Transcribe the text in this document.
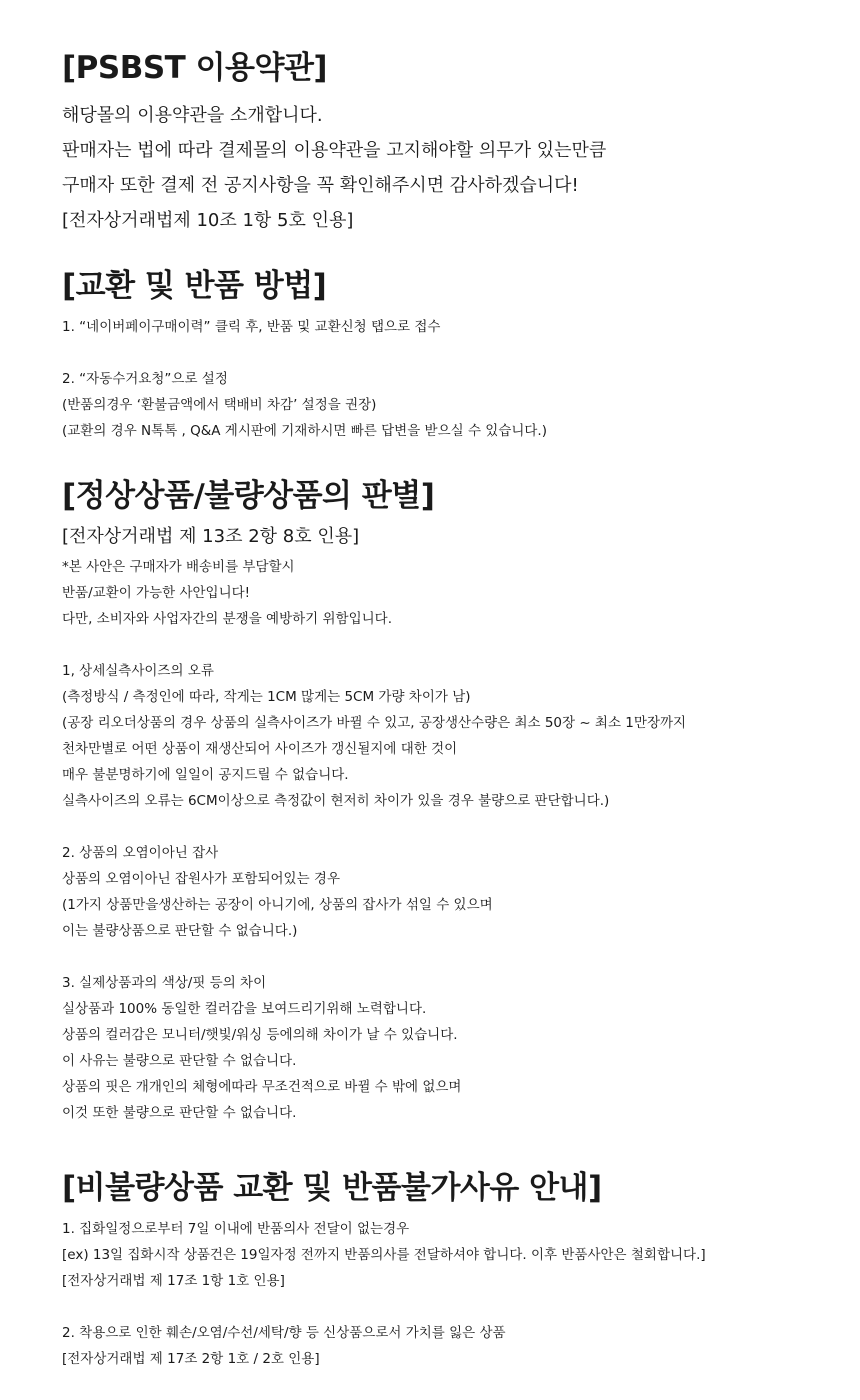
[PSBST 이용약관]

해당몰의 이용약관을 소개합니다.

판매자는 법에 따라 결제몰의 이용약관을 고지해야할 의무가 있는만큼

구매자 또한 결제 전 공지사항을 꼭 확인해주시면 감사하겠습니다!

[전자상거래법제 10조 1항 5호 인용]

[교환 및 반품 방법]

1. “네이버페이구매이력” 클릭 후, 반품 및 교환신청 탭으로 접수

2. “자동수거요청”으로 설정

(반품의경우 ‘환불금액에서 택배비 차감’ 설정을 권장)

(교환의 경우 N톡톡 , Q&A 게시판에 기재하시면 빠른 답변을 받으실 수 있습니다.)

[정상상품/불량상품의 판별]

[전자상거래법 제 13조 2항 8호 인용]

*본 사안은 구매자가 배송비를 부담할시

반품/교환이 가능한 사안입니다!

다만, 소비자와 사업자간의 분쟁을 예방하기 위함입니다.

1, 상세실측사이즈의 오류

(측정방식 / 측정인에 따라, 작게는 1CM 많게는 5CM 가량 차이가 남)

(공장 리오더상품의 경우 상품의 실측사이즈가 바뀔 수 있고, 공장생산수량은 최소 50장 ~ 최소 1만장까지

천차만별로 어떤 상품이 재생산되어 사이즈가 갱신될지에 대한 것이

매우 불분명하기에 일일이 공지드릴 수 없습니다.

실측사이즈의 오류는 6CM이상으로 측정값이 현저히 차이가 있을 경우 불량으로 판단합니다.)

2. 상품의 오염이아닌 잡사

상품의 오염이아닌 잡원사가 포함되어있는 경우

(1가지 상품만을생산하는 공장이 아니기에, 상품의 잡사가 섞일 수 있으며

이는 불량상품으로 판단할 수 없습니다.)

3. 실제상품과의 색상/핏 등의 차이

실상품과 100% 동일한 컬러감을 보여드리기위해 노력합니다.

상품의 컬러감은 모니터/햇빛/워싱 등에의해 차이가 날 수 있습니다.

이 사유는 불량으로 판단할 수 없습니다.

상품의 핏은 개개인의 체형에따라 무조건적으로 바뀔 수 밖에 없으며

이것 또한 불량으로 판단할 수 없습니다.

[비불량상품 교환 및 반품불가사유 안내]

1. 집화일정으로부터 7일 이내에 반품의사 전달이 없는경우

[ex) 13일 집화시작 상품건은 19일자정 전까지 반품의사를 전달하셔야 합니다. 이후 반품사안은 철회합니다.]

[전자상거래법 제 17조 1항 1호 인용]

2. 착용으로 인한 훼손/오염/수선/세탁/향 등 신상품으로서 가치를 잃은 상품

[전자상거래법 제 17조 2항 1호 / 2호 인용]
